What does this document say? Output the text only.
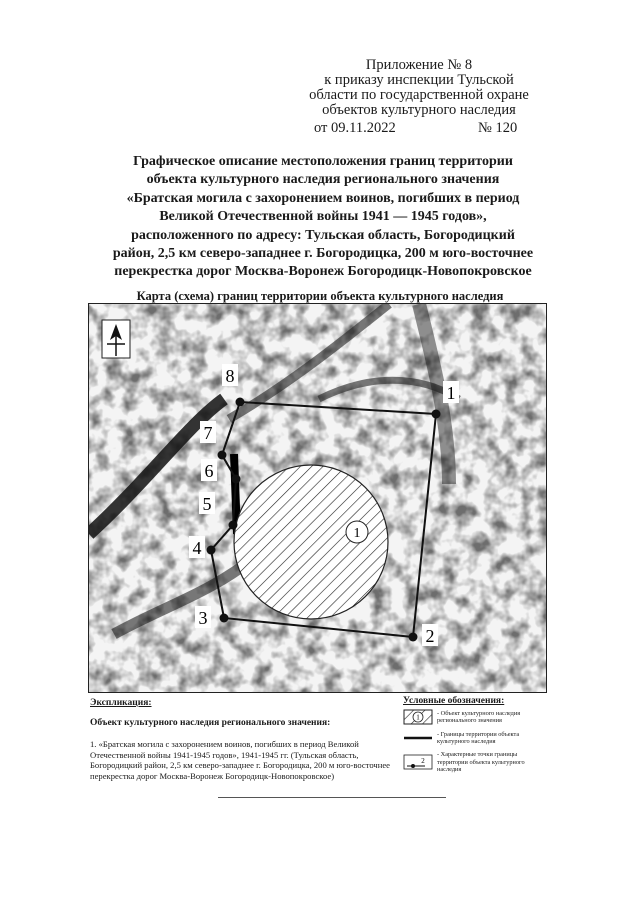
Приложение № 8
к приказу инспекции Тульской
области по государственной охране
объектов культурного наследия
от 09.11.2022	№ 120
Графическое описание местоположения границ территории
объекта культурного наследия регионального значения
«Братская могила с захоронением воинов, погибших в период
Великой Отечественной войны 1941 — 1945 годов»,
расположенного по адресу: Тульская область, Богородицкий
район, 2,5 км северо-западнее г. Богородицка, 200 м юго-восточнее
перекрестка дорог Москва-Воронеж Богородицк-Новопокровское
Карта (схема) границ территории объекта культурного наследия
1
1
2
3
4
5
6
7
8
Экспликация:
Объект культурного наследия регионального значения:
1. «Братская могила с захоронением воинов, погибших в период Великой Отечественной войны 1941-1945 годов», 1941-1945 гг. (Тульская область, Богородицкий район, 2,5 км северо-западнее г. Богородицка, 200 м юго-восточнее перекрестка дорог Москва-Воронеж Богородицк-Новопокровское)
Условные обозначения:
1
- Объект культурного наследия регионального значения
- Границы территории объекта культурного наследия
2
- Характерные точки границы территории объекта культурного наследия
